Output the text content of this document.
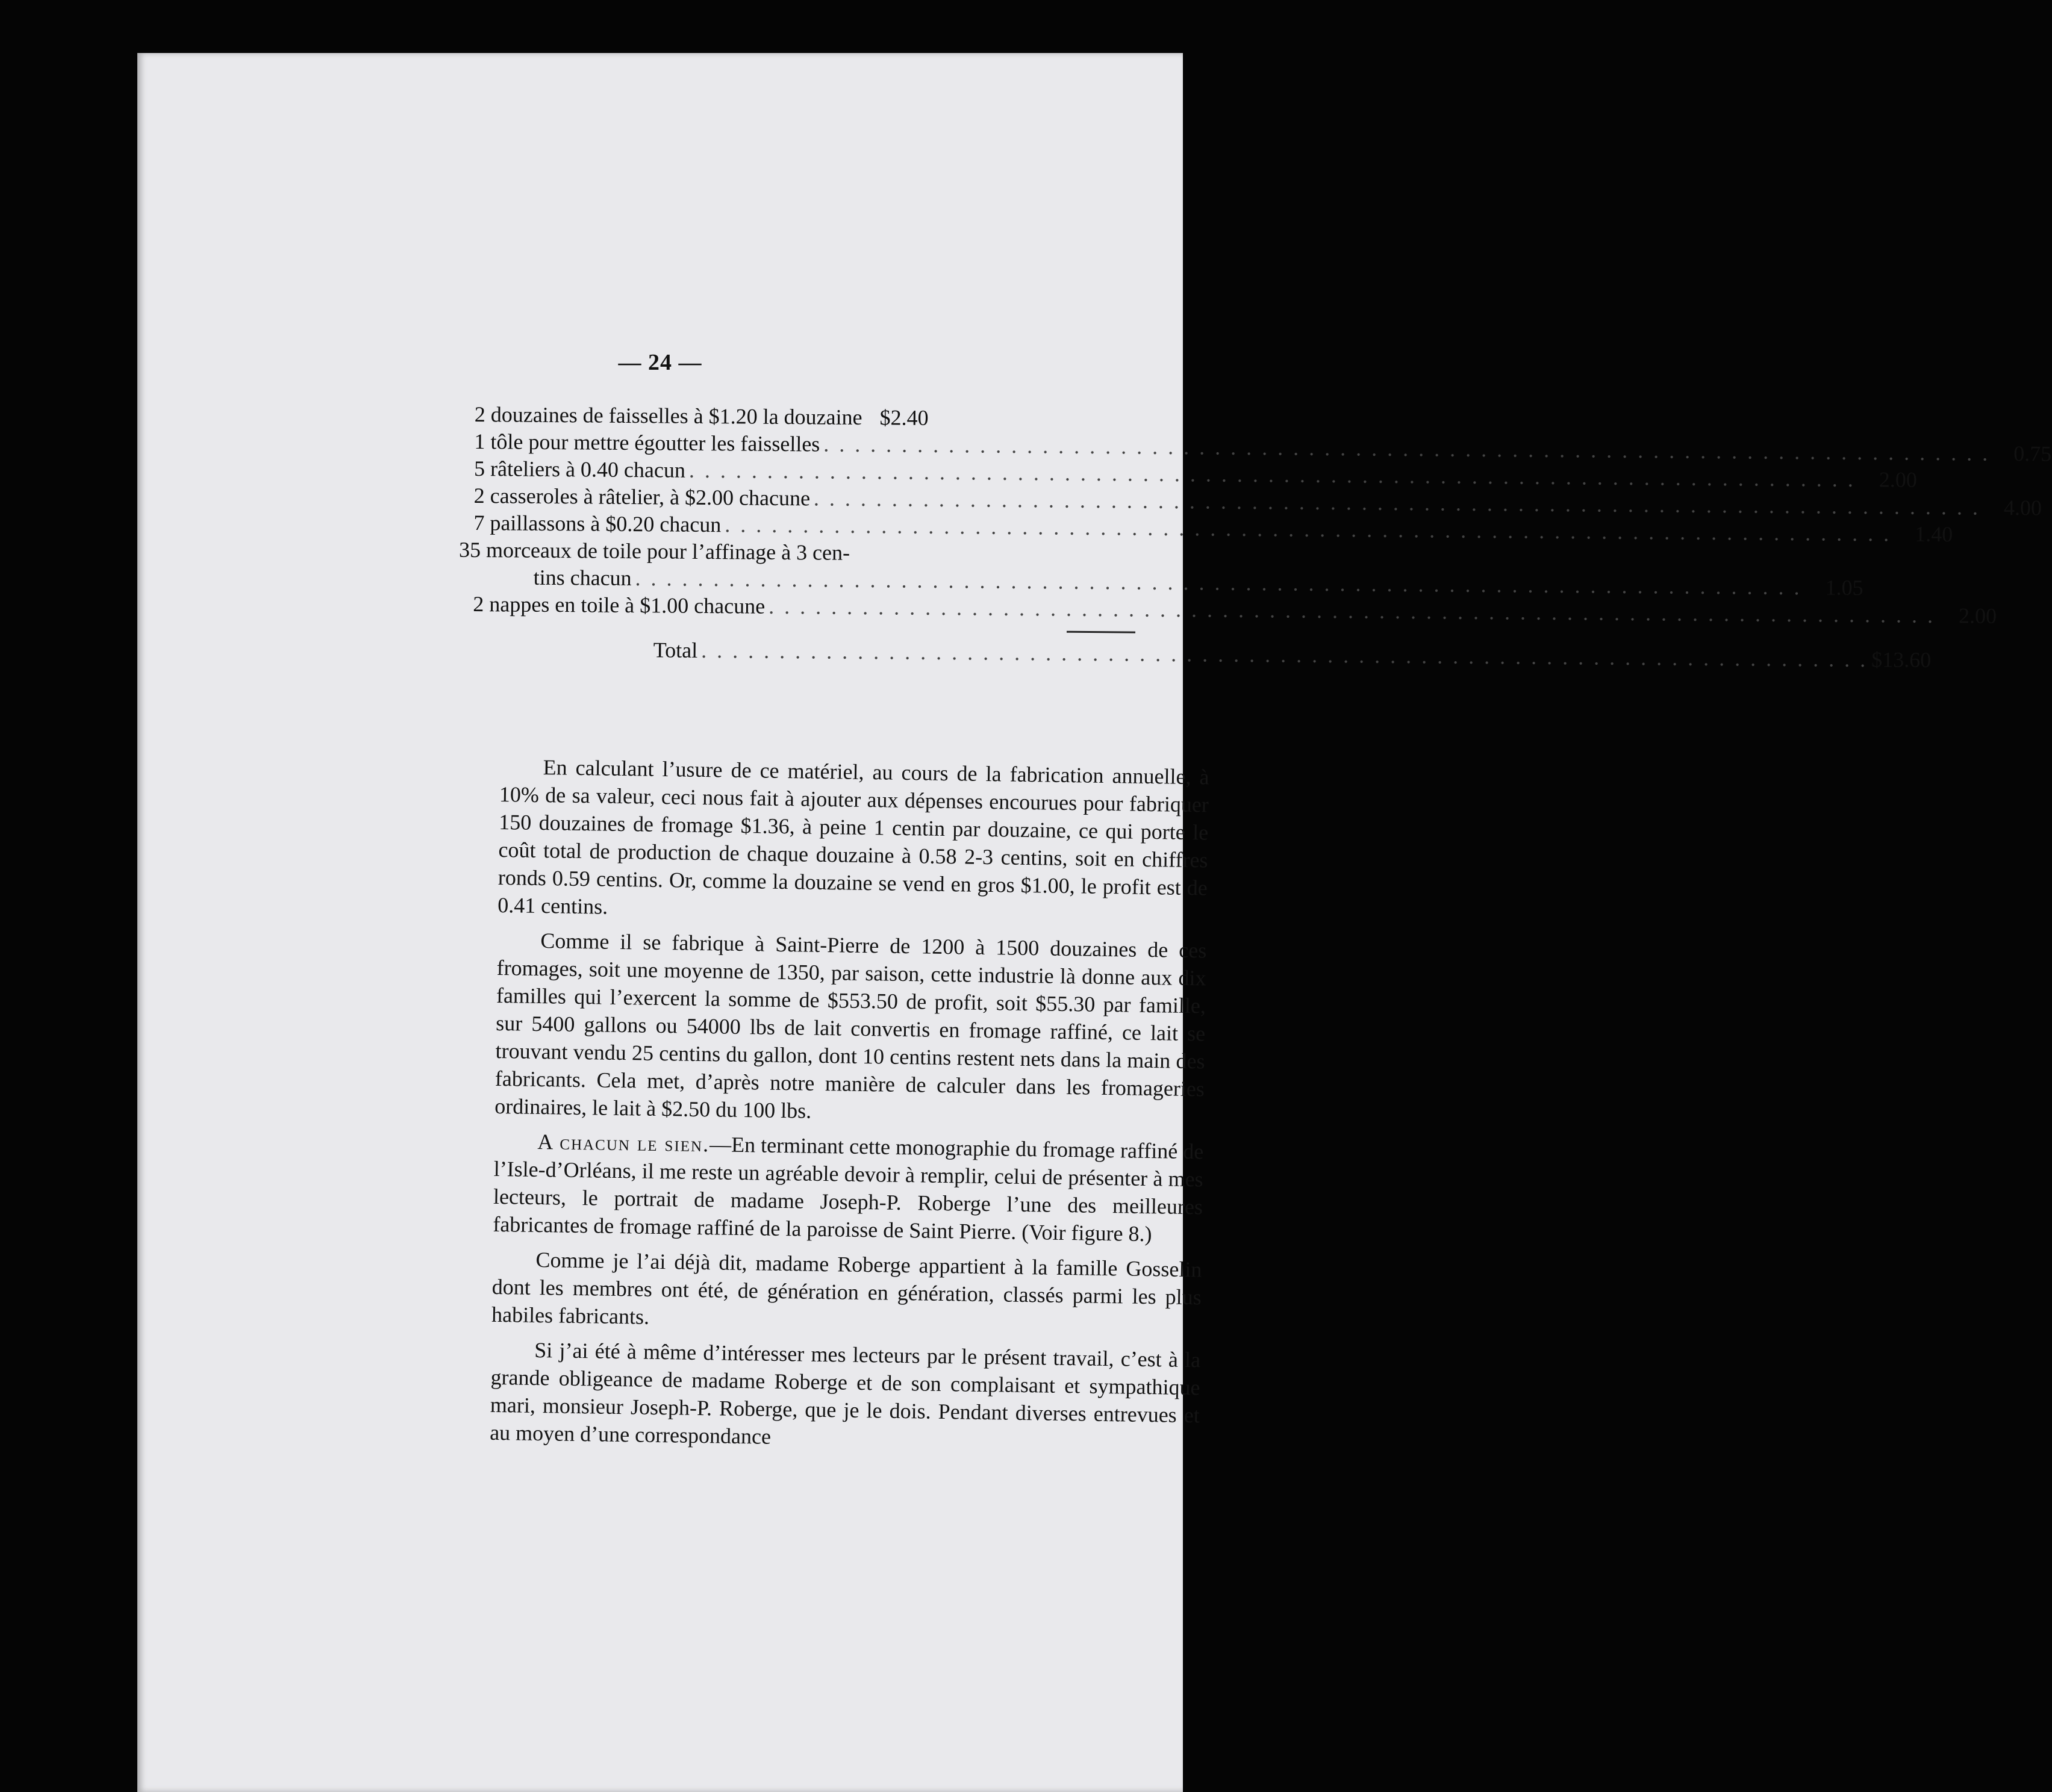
— 24 —
2 douzaines de faisselles à $1.20 la douzaine $2.40
1 tôle pour mettre égoutter les faisselles . . .	0.75
5 râteliers à 0.40 chacun . . .	2.00
2 casseroles à râtelier, à $2.00 chacune . . .	4.00
7 paillassons à $0.20 chacun . . .	1.40
35 morceaux de toile pour l’affinage à 3 cen-
tins chacun . . .	1.05
2 nappes en toile à $1.00 chacune . . .	2.00
Total . . .	$13.60

En calculant l’usure de ce matériel, au cours de la fabrication annuelle, à 10% de sa valeur, ceci nous fait à ajouter aux dépenses encourues pour fabriquer 150 douzaines de fromage $1.36, à peine 1 centin par douzaine, ce qui porte le coût total de production de chaque douzaine à 0.58 2-3 centins, soit en chiffres ronds 0.59 centins. Or, comme la douzaine se vend en gros $1.00, le profit est de 0.41 centins.

Comme il se fabrique à Saint-Pierre de 1200 à 1500 douzaines de ces fromages, soit une moyenne de 1350, par saison, cette industrie là donne aux dix familles qui l’exercent la somme de $553.50 de profit, soit $55.30 par famille, sur 5400 gallons ou 54000 lbs de lait convertis en fromage raffiné, ce lait se trouvant vendu 25 centins du gallon, dont 10 centins restent nets dans la main des fabricants. Cela met, d’après notre manière de calculer dans les fromageries ordinaires, le lait à $2.50 du 100 lbs.

A chacun le sien.—En terminant cette monographie du fromage raffiné de l’Isle-d’Orléans, il me reste un agréable devoir à remplir, celui de présenter à mes lecteurs, le portrait de madame Joseph-P. Roberge l’une des meilleures fabricantes de fromage raffiné de la paroisse de Saint Pierre. (Voir figure 8.)

Comme je l’ai déjà dit, madame Roberge appartient à la famille Gosselin dont les membres ont été, de génération en génération, classés parmi les plus habiles fabricants.

Si j’ai été à même d’intéresser mes lecteurs par le présent travail, c’est à la grande obligeance de madame Roberge et de son complaisant et sympathique mari, monsieur Joseph-P. Roberge, que je le dois. Pendant diverses entrevues et au moyen d’une correspondance
